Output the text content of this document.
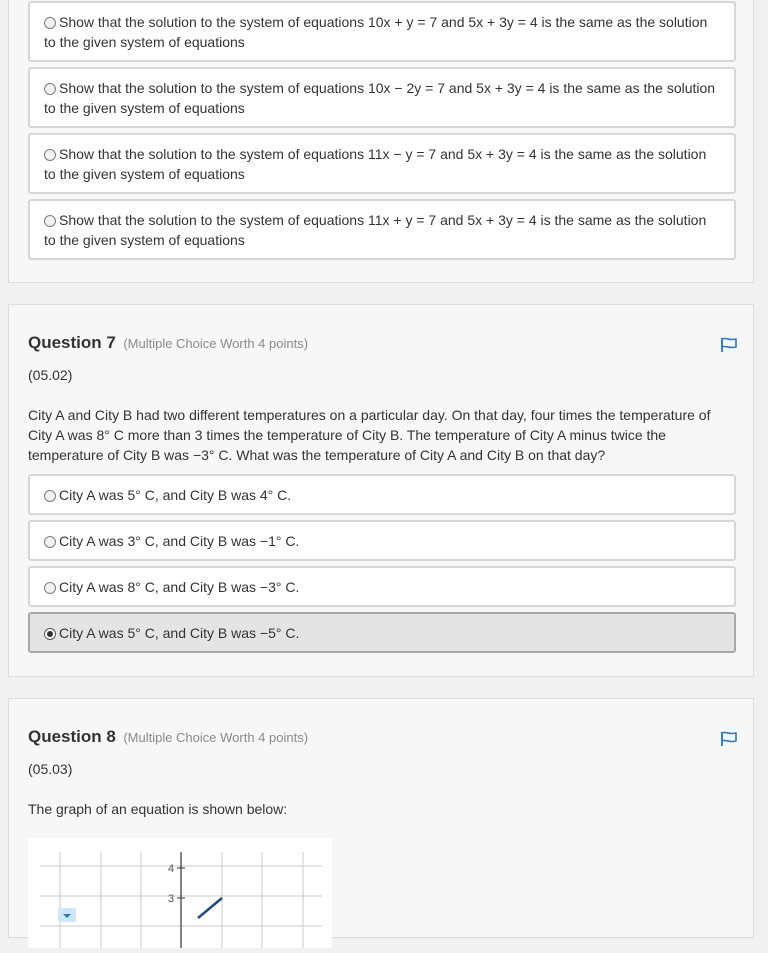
Show that the solution to the system of equations 10x + y = 7 and 5x + 3y = 4 is the same as the solution to the given system of equations
Show that the solution to the system of equations 10x − 2y = 7 and 5x + 3y = 4 is the same as the solution to the given system of equations
Show that the solution to the system of equations 11x − y = 7 and 5x + 3y = 4 is the same as the solution to the given system of equations
Show that the solution to the system of equations 11x + y = 7 and 5x + 3y = 4 is the same as the solution to the given system of equations
Question 7 (Multiple Choice Worth 4 points)
(05.02)
City A and City B had two different temperatures on a particular day. On that day, four times the temperature of City A was 8° C more than 3 times the temperature of City B. The temperature of City A minus twice the temperature of City B was −3° C. What was the temperature of City A and City B on that day?
City A was 5° C, and City B was 4° C.
City A was 3° C, and City B was −1° C.
City A was 8° C, and City B was −3° C.
City A was 5° C, and City B was −5° C.
Question 8 (Multiple Choice Worth 4 points)
(05.03)
The graph of an equation is shown below:
4
3
